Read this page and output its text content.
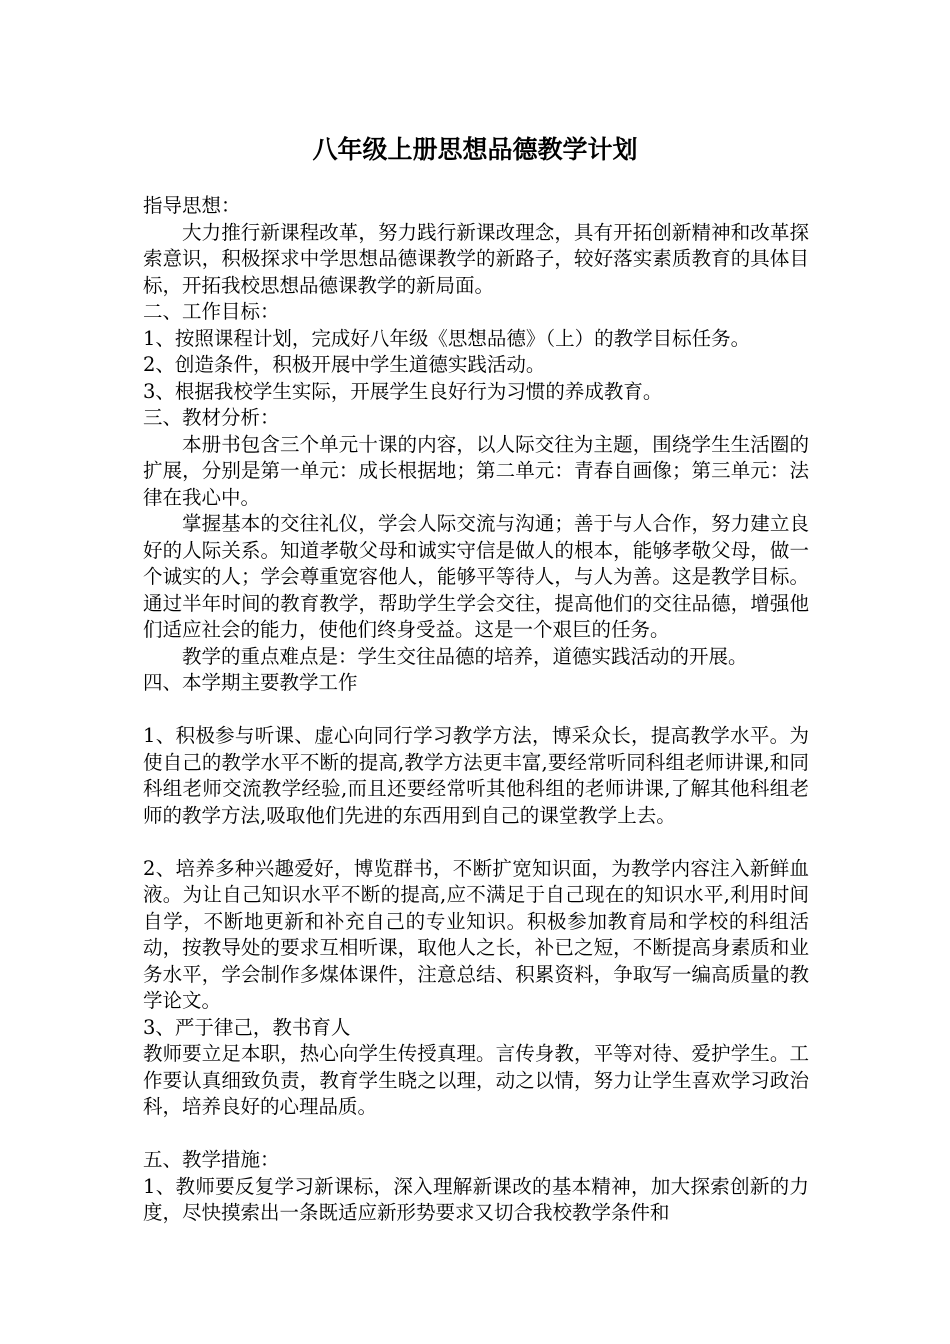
八年级上册思想品德教学计划

指导思想：

大力推行新课程改革，努力践行新课改理念，具有开拓创新精神和改革探索意识，积极探求中学思想品德课教学的新路子，较好落实素质教育的具体目标，开拓我校思想品德课教学的新局面。

二、工作目标：

1、按照课程计划，完成好八年级《思想品德》（上）的教学目标任务。

2、创造条件，积极开展中学生道德实践活动。

3、根据我校学生实际，开展学生良好行为习惯的养成教育。

三、教材分析：

本册书包含三个单元十课的内容，以人际交往为主题，围绕学生生活圈的扩展，分别是第一单元：成长根据地；第二单元：青春自画像；第三单元：法律在我心中。

掌握基本的交往礼仪，学会人际交流与沟通；善于与人合作，努力建立良好的人际关系。知道孝敬父母和诚实守信是做人的根本，能够孝敬父母，做一个诚实的人；学会尊重宽容他人，能够平等待人，与人为善。这是教学目标。通过半年时间的教育教学，帮助学生学会交往，提高他们的交往品德，增强他们适应社会的能力，使他们终身受益。这是一个艰巨的任务。

教学的重点难点是：学生交往品德的培养，道德实践活动的开展。

四、本学期主要教学工作

1、积极参与听课、虚心向同行学习教学方法，博采众长，提高教学水平。为使自己的教学水平不断的提高,教学方法更丰富,要经常听同科组老师讲课,和同科组老师交流教学经验,而且还要经常听其他科组的老师讲课,了解其他科组老师的教学方法,吸取他们先进的东西用到自己的课堂教学上去。

2、培养多种兴趣爱好，博览群书，不断扩宽知识面，为教学内容注入新鲜血液。为让自己知识水平不断的提高,应不满足于自己现在的知识水平,利用时间自学，不断地更新和补充自己的专业知识。积极参加教育局和学校的科组活动，按教导处的要求互相听课，取他人之长，补已之短，不断提高身素质和业务水平，学会制作多煤体课件，注意总结、积累资料，争取写一编高质量的教学论文。

3、严于律己，教书育人

教师要立足本职，热心向学生传授真理。言传身教，平等对待、爱护学生。工作要认真细致负责，教育学生晓之以理，动之以情，努力让学生喜欢学习政治科，培养良好的心理品质。

五、教学措施：

1、教师要反复学习新课标，深入理解新课改的基本精神，加大探索创新的力度，尽快摸索出一条既适应新形势要求又切合我校教学条件和
